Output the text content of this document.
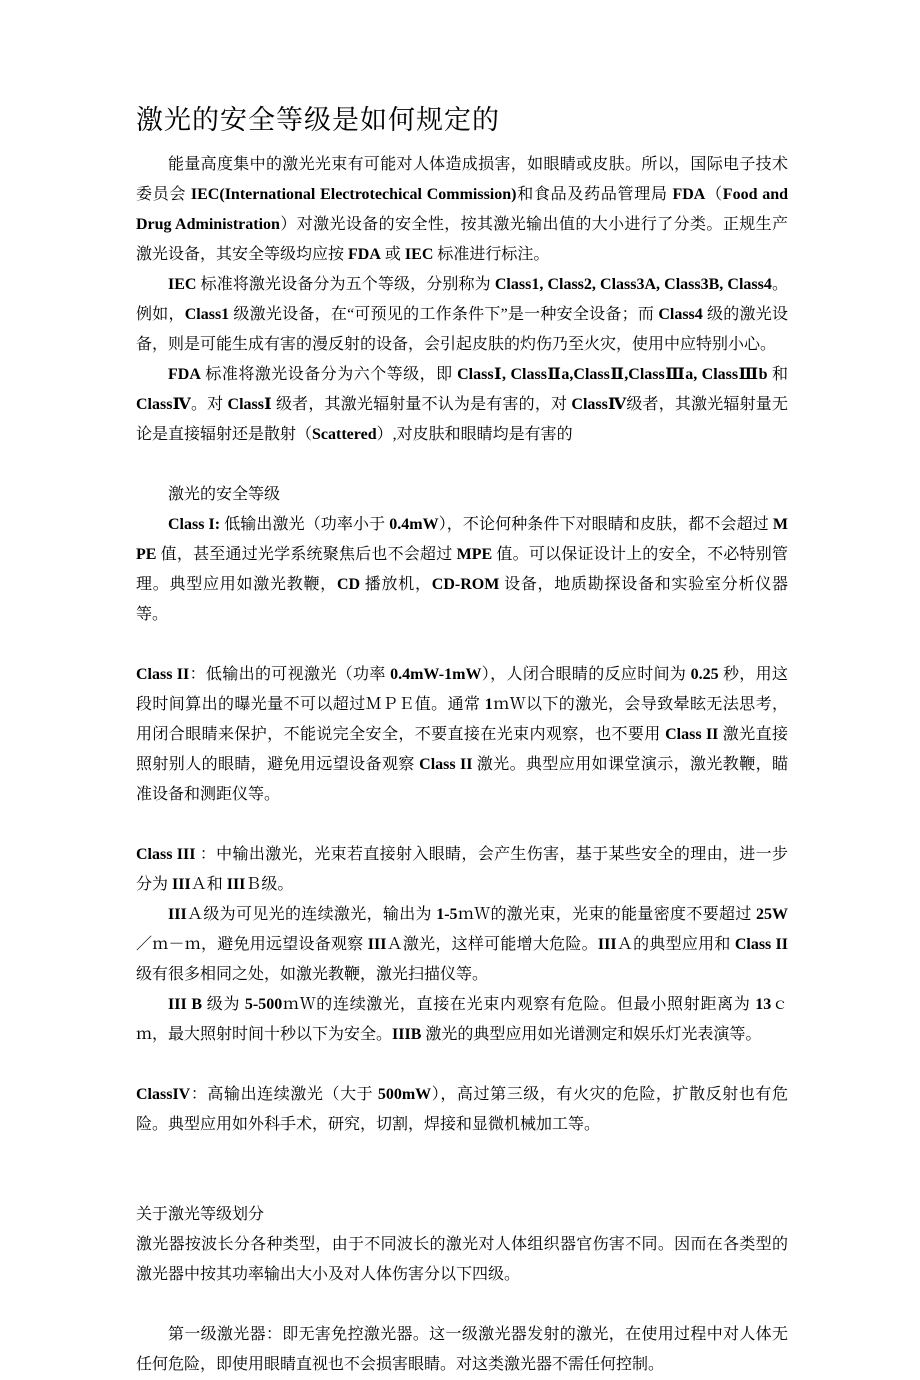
激光的安全等级是如何规定的

能量高度集中的激光光束有可能对人体造成损害，如眼睛或皮肤。所以，国际电子技术委员会 IEC(International Electrotechical Commission)和食品及药品管理局 FDA（Food and Drug Administration）对激光设备的安全性，按其激光输出值的大小进行了分类。正规生产激光设备，其安全等级均应按 FDA 或 IEC 标准进行标注。

IEC 标准将激光设备分为五个等级，分别称为 Class1, Class2, Class3A, Class3B, Class4。例如，Class1 级激光设备，在“可预见的工作条件下”是一种安全设备；而 Class4 级的激光设备，则是可能生成有害的漫反射的设备，会引起皮肤的灼伤乃至火灾，使用中应特别小心。

FDA 标准将激光设备分为六个等级，即 ClassⅠ, ClassⅡa,ClassⅡ,ClassⅢa, ClassⅢb 和 ClassⅣ。对 ClassⅠ 级者，其激光辐射量不认为是有害的，对 ClassⅣ级者，其激光辐射量无论是直接辐射还是散射（Scattered）,对皮肤和眼睛均是有害的

激光的安全等级

Class I: 低输出激光（功率小于 0.4mW），不论何种条件下对眼睛和皮肤，都不会超过 MPE 值，甚至通过光学系统聚焦后也不会超过 MPE 值。可以保证设计上的安全，不必特别管理。典型应用如激光教鞭，CD 播放机，CD-ROM 设备，地质勘探设备和实验室分析仪器等。

Class II：低输出的可视激光（功率 0.4mW-1mW），人闭合眼睛的反应时间为 0.25 秒，用这段时间算出的曝光量不可以超过ＭＰＥ值。通常 1ｍＷ以下的激光，会导致晕眩无法思考，用闭合眼睛来保护，不能说完全安全，不要直接在光束内观察，也不要用 Class II 激光直接照射别人的眼睛，避免用远望设备观察 Class II 激光。典型应用如课堂演示，激光教鞭，瞄准设备和测距仪等。

Class III ：中输出激光，光束若直接射入眼睛，会产生伤害，基于某些安全的理由，进一步分为 IIIＡ和 IIIＢ级。

IIIＡ级为可见光的连续激光，输出为 1-5ｍＷ的激光束，光束的能量密度不要超过 25W／ｍ－ｍ，避免用远望设备观察 IIIＡ激光，这样可能增大危险。IIIＡ的典型应用和 Class II 级有很多相同之处，如激光教鞭，激光扫描仪等。

III B 级为 5-500ｍＷ的连续激光，直接在光束内观察有危险。但最小照射距离为 13ｃｍ，最大照射时间十秒以下为安全。IIIB 激光的典型应用如光谱测定和娱乐灯光表演等。

ClassIV：高输出连续激光（大于 500mW），高过第三级，有火灾的危险，扩散反射也有危险。典型应用如外科手术，研究，切割，焊接和显微机械加工等。

关于激光等级划分

激光器按波长分各种类型，由于不同波长的激光对人体组织器官伤害不同。因而在各类型的激光器中按其功率输出大小及对人体伤害分以下四级。

第一级激光器：即无害免控激光器。这一级激光器发射的激光，在使用过程中对人体无任何危险，即使用眼睛直视也不会损害眼睛。对这类激光器不需任何控制。
